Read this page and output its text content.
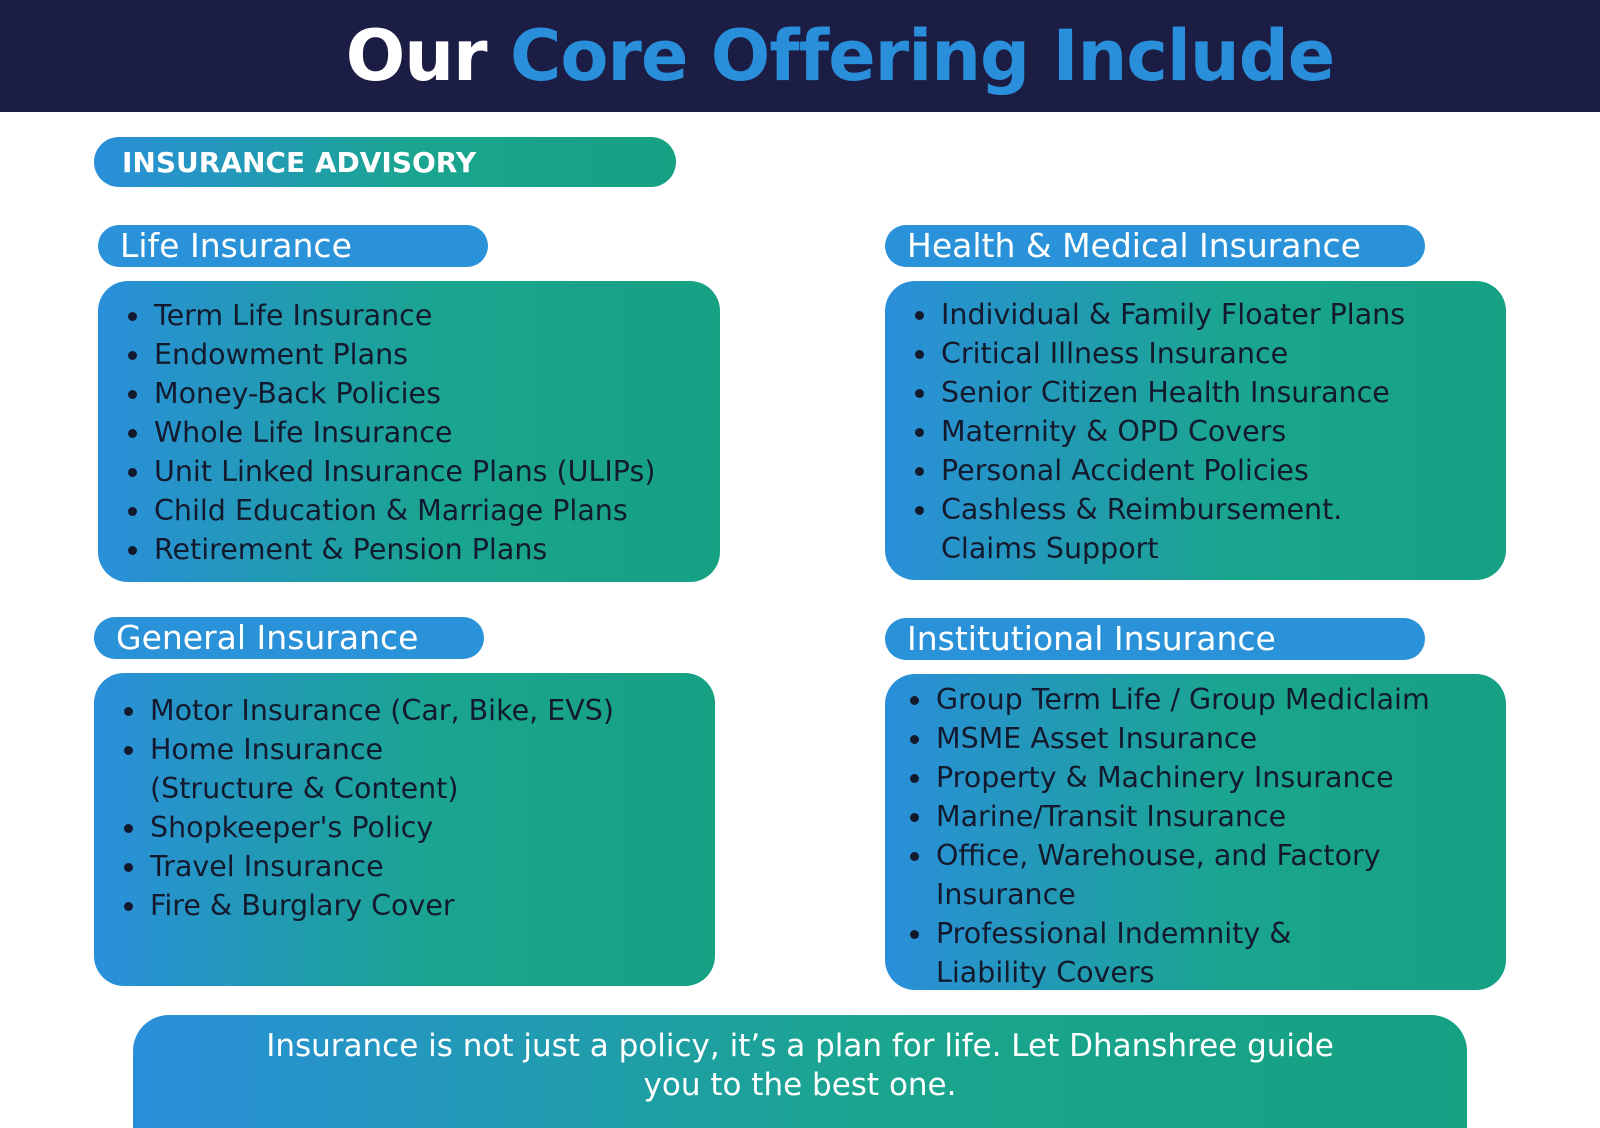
Our Core Offering Include
INSURANCE ADVISORY
Life Insurance
Term Life Insurance
Endowment Plans
Money-Back Policies
Whole Life Insurance
Unit Linked Insurance Plans (ULIPs)
Child Education & Marriage Plans
Retirement & Pension Plans
Health & Medical Insurance
Individual & Family Floater Plans
Critical Illness Insurance
Senior Citizen Health Insurance
Maternity & OPD Covers
Personal Accident Policies
Cashless & Reimbursement.
Claims Support
General Insurance
Motor Insurance (Car, Bike, EVS)
Home Insurance
(Structure & Content)
Shopkeeper's Policy
Travel Insurance
Fire & Burglary Cover
Institutional Insurance
Group Term Life / Group Mediclaim
MSME Asset Insurance
Property & Machinery Insurance
Marine/Transit Insurance
Office, Warehouse, and Factory
Insurance
Professional Indemnity &
Liability Covers
Insurance is not just a policy, it’s a plan for life. Let Dhanshree guide
you to the best one.
